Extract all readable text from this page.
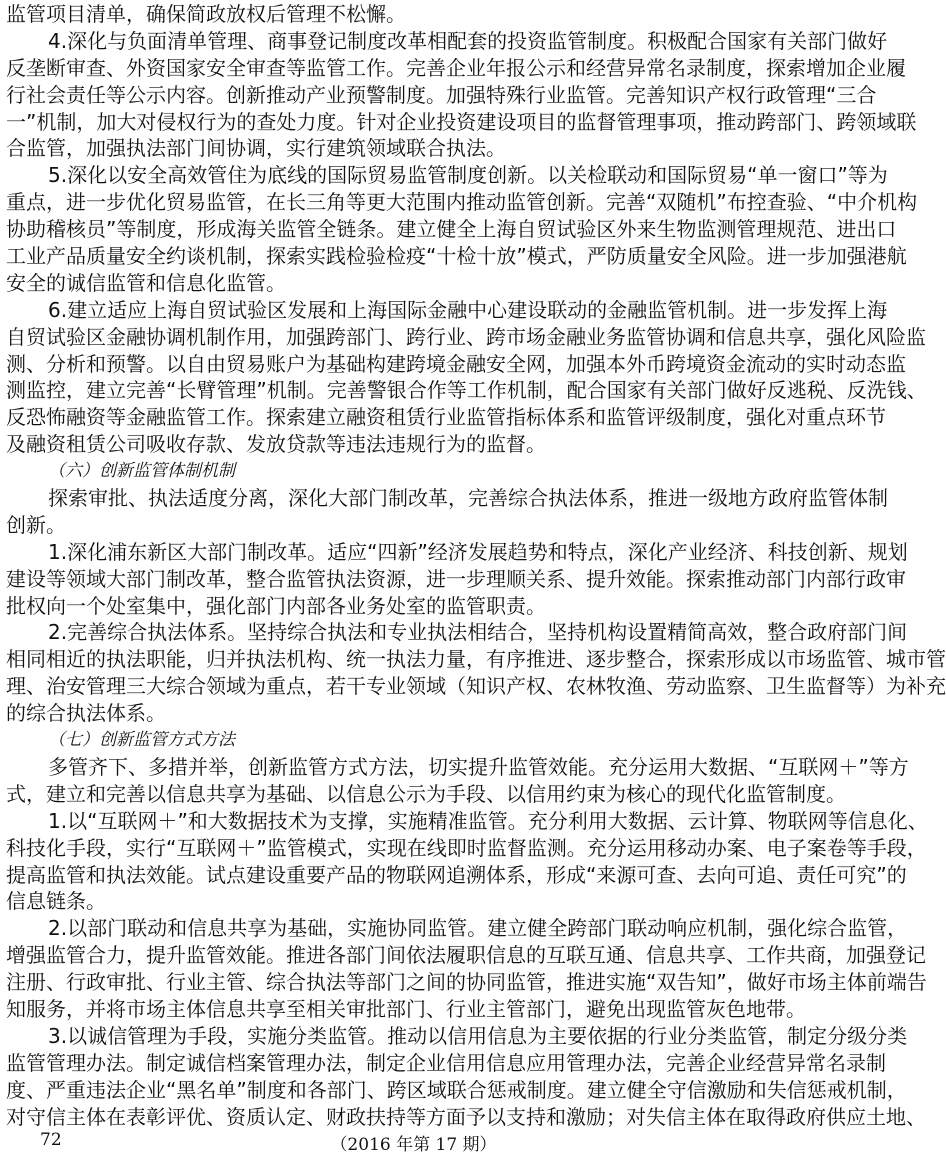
监管项目清单，确保简政放权后管理不松懈。
4.深化与负面清单管理、商事登记制度改革相配套的投资监管制度。积极配合国家有关部门做好
反垄断审查、外资国家安全审查等监管工作。完善企业年报公示和经营异常名录制度，探索增加企业履
行社会责任等公示内容。创新推动产业预警制度。加强特殊行业监管。完善知识产权行政管理“三合
一”机制，加大对侵权行为的查处力度。针对企业投资建设项目的监督管理事项，推动跨部门、跨领域联
合监管，加强执法部门间协调，实行建筑领域联合执法。
5.深化以安全高效管住为底线的国际贸易监管制度创新。以关检联动和国际贸易“单一窗口”等为
重点，进一步优化贸易监管，在长三角等更大范围内推动监管创新。完善“双随机”布控查验、“中介机构
协助稽核员”等制度，形成海关监管全链条。建立健全上海自贸试验区外来生物监测管理规范、进出口
工业产品质量安全约谈机制，探索实践检验检疫“十检十放”模式，严防质量安全风险。进一步加强港航
安全的诚信监管和信息化监管。
6.建立适应上海自贸试验区发展和上海国际金融中心建设联动的金融监管机制。进一步发挥上海
自贸试验区金融协调机制作用，加强跨部门、跨行业、跨市场金融业务监管协调和信息共享，强化风险监
测、分析和预警。以自由贸易账户为基础构建跨境金融安全网，加强本外币跨境资金流动的实时动态监
测监控，建立完善“长臂管理”机制。完善警银合作等工作机制，配合国家有关部门做好反逃税、反洗钱、
反恐怖融资等金融监管工作。探索建立融资租赁行业监管指标体系和监管评级制度，强化对重点环节
及融资租赁公司吸收存款、发放贷款等违法违规行为的监督。
（六）创新监管体制机制
探索审批、执法适度分离，深化大部门制改革，完善综合执法体系，推进一级地方政府监管体制
创新。
1.深化浦东新区大部门制改革。适应“四新”经济发展趋势和特点，深化产业经济、科技创新、规划
建设等领域大部门制改革，整合监管执法资源，进一步理顺关系、提升效能。探索推动部门内部行政审
批权向一个处室集中，强化部门内部各业务处室的监管职责。
2.完善综合执法体系。坚持综合执法和专业执法相结合，坚持机构设置精简高效，整合政府部门间
相同相近的执法职能，归并执法机构、统一执法力量，有序推进、逐步整合，探索形成以市场监管、城市管
理、治安管理三大综合领域为重点，若干专业领域（知识产权、农林牧渔、劳动监察、卫生监督等）为补充
的综合执法体系。
（七）创新监管方式方法
多管齐下、多措并举，创新监管方式方法，切实提升监管效能。充分运用大数据、“互联网＋”等方
式，建立和完善以信息共享为基础、以信息公示为手段、以信用约束为核心的现代化监管制度。
1.以“互联网＋”和大数据技术为支撑，实施精准监管。充分利用大数据、云计算、物联网等信息化、
科技化手段，实行“互联网＋”监管模式，实现在线即时监督监测。充分运用移动办案、电子案卷等手段，
提高监管和执法效能。试点建设重要产品的物联网追溯体系，形成“来源可查、去向可追、责任可究”的
信息链条。
2.以部门联动和信息共享为基础，实施协同监管。建立健全跨部门联动响应机制，强化综合监管，
增强监管合力，提升监管效能。推进各部门间依法履职信息的互联互通、信息共享、工作共商，加强登记
注册、行政审批、行业主管、综合执法等部门之间的协同监管，推进实施“双告知”，做好市场主体前端告
知服务，并将市场主体信息共享至相关审批部门、行业主管部门，避免出现监管灰色地带。
3.以诚信管理为手段，实施分类监管。推动以信用信息为主要依据的行业分类监管，制定分级分类
监管管理办法。制定诚信档案管理办法，制定企业信用信息应用管理办法，完善企业经营异常名录制
度、严重违法企业“黑名单”制度和各部门、跨区域联合惩戒制度。建立健全守信激励和失信惩戒机制，
对守信主体在表彰评优、资质认定、财政扶持等方面予以支持和激励；对失信主体在取得政府供应土地、
72	（2016 年第 17 期）
